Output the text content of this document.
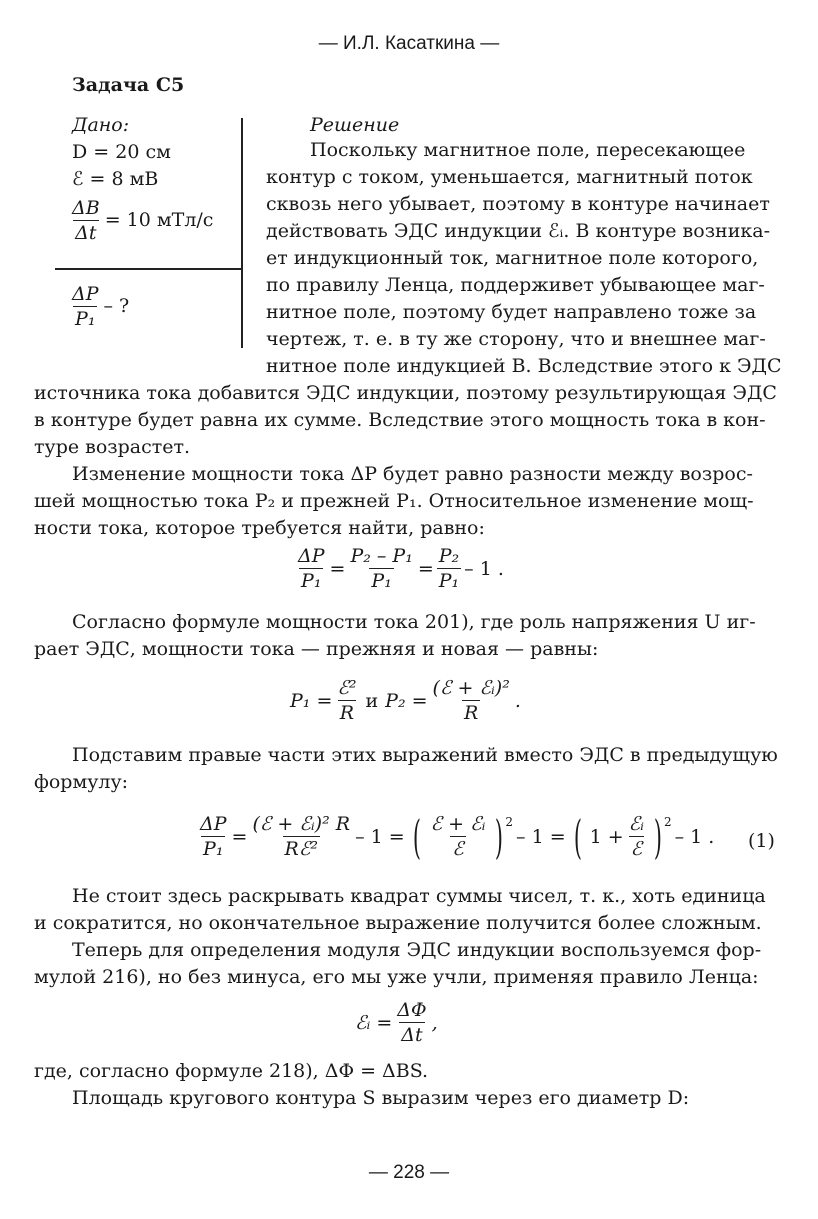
— И.Л. Касаткина —
Задача С5
Дано:
D = 20 см
ℰ = 8 мВ
$\frac{\Delta B}{\Delta t} = 10$ мТл/с
$\frac{\Delta P}{\text{P₁}}$ – ?
Решение
Поскольку магнитное поле, пересекающее
контур с током, уменьшается, магнитный поток
сквозь него убывает, поэтому в контуре начинает
действовать ЭДС индукции ℰᵢ. В контуре возника-
ет индукционный ток, магнитное поле которого,
по правилу Ленца, поддерживет убывающее маг-
нитное поле, поэтому будет направлено тоже за
чертеж, т. е. в ту же сторону, что и внешнее маг-
нитное поле индукцией B. Вследствие этого к ЭДС
источника тока добавится ЭДС индукции, поэтому результирующая ЭДС
в контуре будет равна их сумме. Вследствие этого мощность тока в кон-
туре возрастет.
Изменение мощности тока ΔP будет равно разности между возрос-
шей мощностью тока P₂ и прежней P₁. Относительное изменение мощ-
ности тока, которое требуется найти, равно:
$\frac{\Delta P}{\text{P₁}} = \frac{\text{P₂ – P₁}}{\text{P₁}} = \frac{\text{P₂}}{\text{P₁}} - 1$ .
Согласно формуле мощности тока 201), где роль напряжения U иг-
рает ЭДС, мощности тока — прежняя и новая — равны:
$P_1 = \frac{\text{ℰ²}}{R}$ и $P_2 = \frac{\text{(ℰ + ℰᵢ)²}}{R}$ .
Подставим правые части этих выражений вместо ЭДС в предыдущую
формулу:
$\frac{\Delta P}{\text{P₁}} = \frac{\text{(ℰ + ℰᵢ)² R}}{\text{Rℰ²}} - 1$ = ( $\frac{\text{ℰ + ℰᵢ}}{\text{ℰ}}$ ) 2
– 1 = ( $1 + \frac{\text{ℰᵢ}}{\text{ℰ}}$ ) 2
– 1 . (1)
Не стоит здесь раскрывать квадрат суммы чисел, т. к., хоть единица
и сократится, но окончательное выражение получится более сложным.
Теперь для определения модуля ЭДС индукции воспользуемся фор-
мулой 216), но без минуса, его мы уже учли, применяя правило Ленца:
ℰᵢ = $\frac{\Delta\Phi}{\Delta t}$ ,
где, согласно формуле 218), ΔΦ = ΔBS.
Площадь кругового контура S выразим через его диаметр D:
— 228 —
